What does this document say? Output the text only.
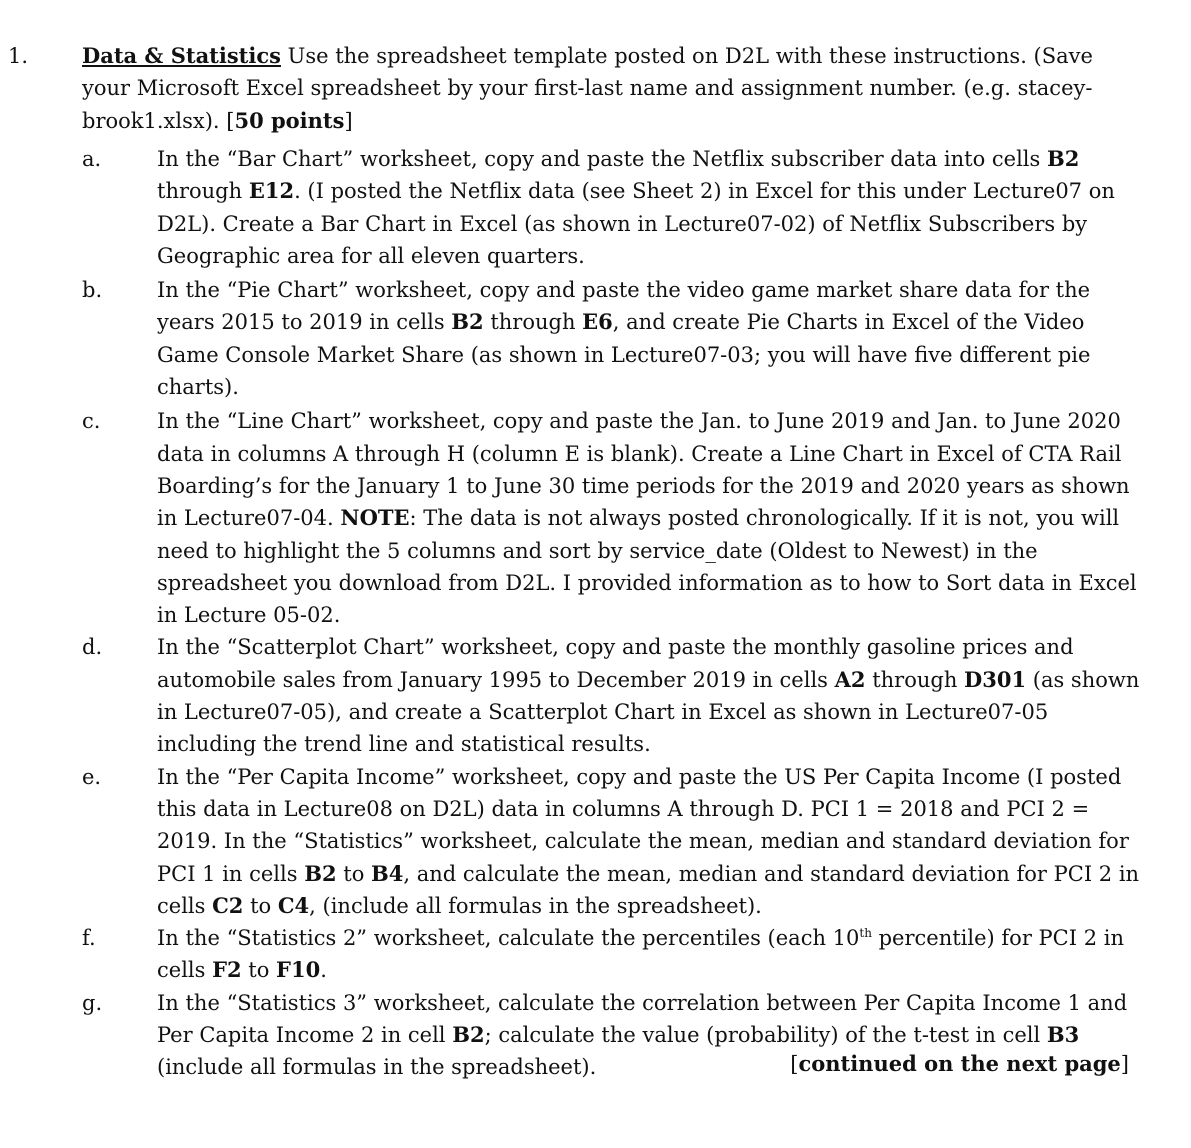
1.	Data & Statistics Use the spreadsheet template posted on D2L with these instructions. (Save your Microsoft Excel spreadsheet by your first-last name and assignment number. (e.g. stacey-brook1.xlsx). [50 points]
a.	In the “Bar Chart” worksheet, copy and paste the Netflix subscriber data into cells B2 through E12. (I posted the Netflix data (see Sheet 2) in Excel for this under Lecture07 on D2L). Create a Bar Chart in Excel (as shown in Lecture07-02) of Netflix Subscribers by Geographic area for all eleven quarters.
b.	In the “Pie Chart” worksheet, copy and paste the video game market share data for the years 2015 to 2019 in cells B2 through E6, and create Pie Charts in Excel of the Video Game Console Market Share (as shown in Lecture07-03; you will have five different pie charts).
c.	In the “Line Chart” worksheet, copy and paste the Jan. to June 2019 and Jan. to June 2020 data in columns A through H (column E is blank). Create a Line Chart in Excel of CTA Rail Boarding’s for the January 1 to June 30 time periods for the 2019 and 2020 years as shown in Lecture07-04. NOTE: The data is not always posted chronologically. If it is not, you will need to highlight the 5 columns and sort by service_date (Oldest to Newest) in the spreadsheet you download from D2L. I provided information as to how to Sort data in Excel in Lecture 05-02.
d.	In the “Scatterplot Chart” worksheet, copy and paste the monthly gasoline prices and automobile sales from January 1995 to December 2019 in cells A2 through D301 (as shown in Lecture07-05), and create a Scatterplot Chart in Excel as shown in Lecture07-05 including the trend line and statistical results.
e.	In the “Per Capita Income” worksheet, copy and paste the US Per Capita Income (I posted this data in Lecture08 on D2L) data in columns A through D. PCI 1 = 2018 and PCI 2 = 2019. In the “Statistics” worksheet, calculate the mean, median and standard deviation for PCI 1 in cells B2 to B4, and calculate the mean, median and standard deviation for PCI 2 in cells C2 to C4, (include all formulas in the spreadsheet).
f.	In the “Statistics 2” worksheet, calculate the percentiles (each 10th percentile) for PCI 2 in cells F2 to F10.
g.	In the “Statistics 3” worksheet, calculate the correlation between Per Capita Income 1 and Per Capita Income 2 in cell B2; calculate the value (probability) of the t-test in cell B3 (include all formulas in the spreadsheet).	[continued on the next page]
